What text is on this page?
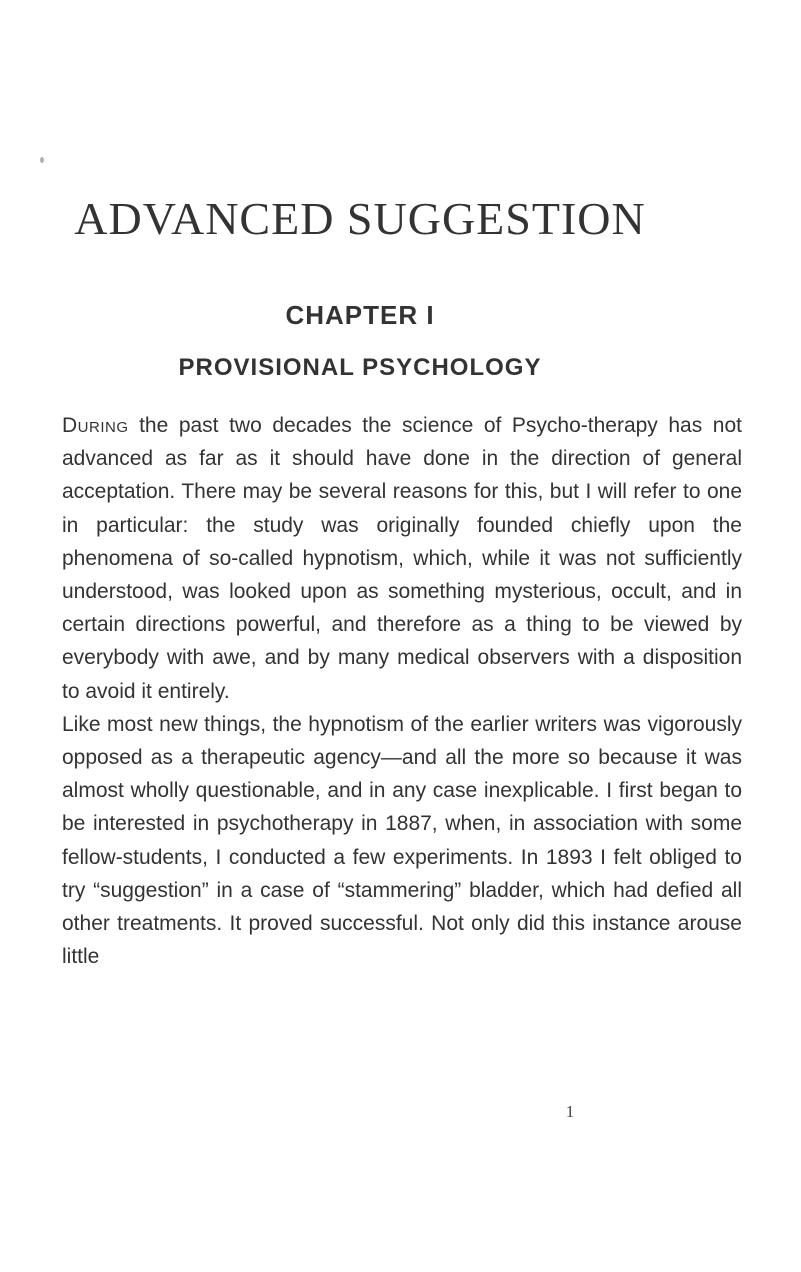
ADVANCED SUGGESTION
CHAPTER I
PROVISIONAL PSYCHOLOGY

During the past two decades the science of Psycho-therapy has not advanced as far as it should have done in the direction of general acceptation. There may be several reasons for this, but I will refer to one in particular: the study was originally founded chiefly upon the phenomena of so-called hypnotism, which, while it was not sufficiently understood, was looked upon as something mysterious, occult, and in certain directions powerful, and therefore as a thing to be viewed by everybody with awe, and by many medical observers with a disposition to avoid it entirely.

Like most new things, the hypnotism of the earlier writers was vigorously opposed as a therapeutic agency—and all the more so because it was almost wholly questionable, and in any case inexplicable. I first began to be interested in psychotherapy in 1887, when, in association with some fellow-students, I conducted a few experiments. In 1893 I felt obliged to try “suggestion” in a case of “stammering” bladder, which had defied all other treatments. It proved successful. Not only did this instance arouse little

1
